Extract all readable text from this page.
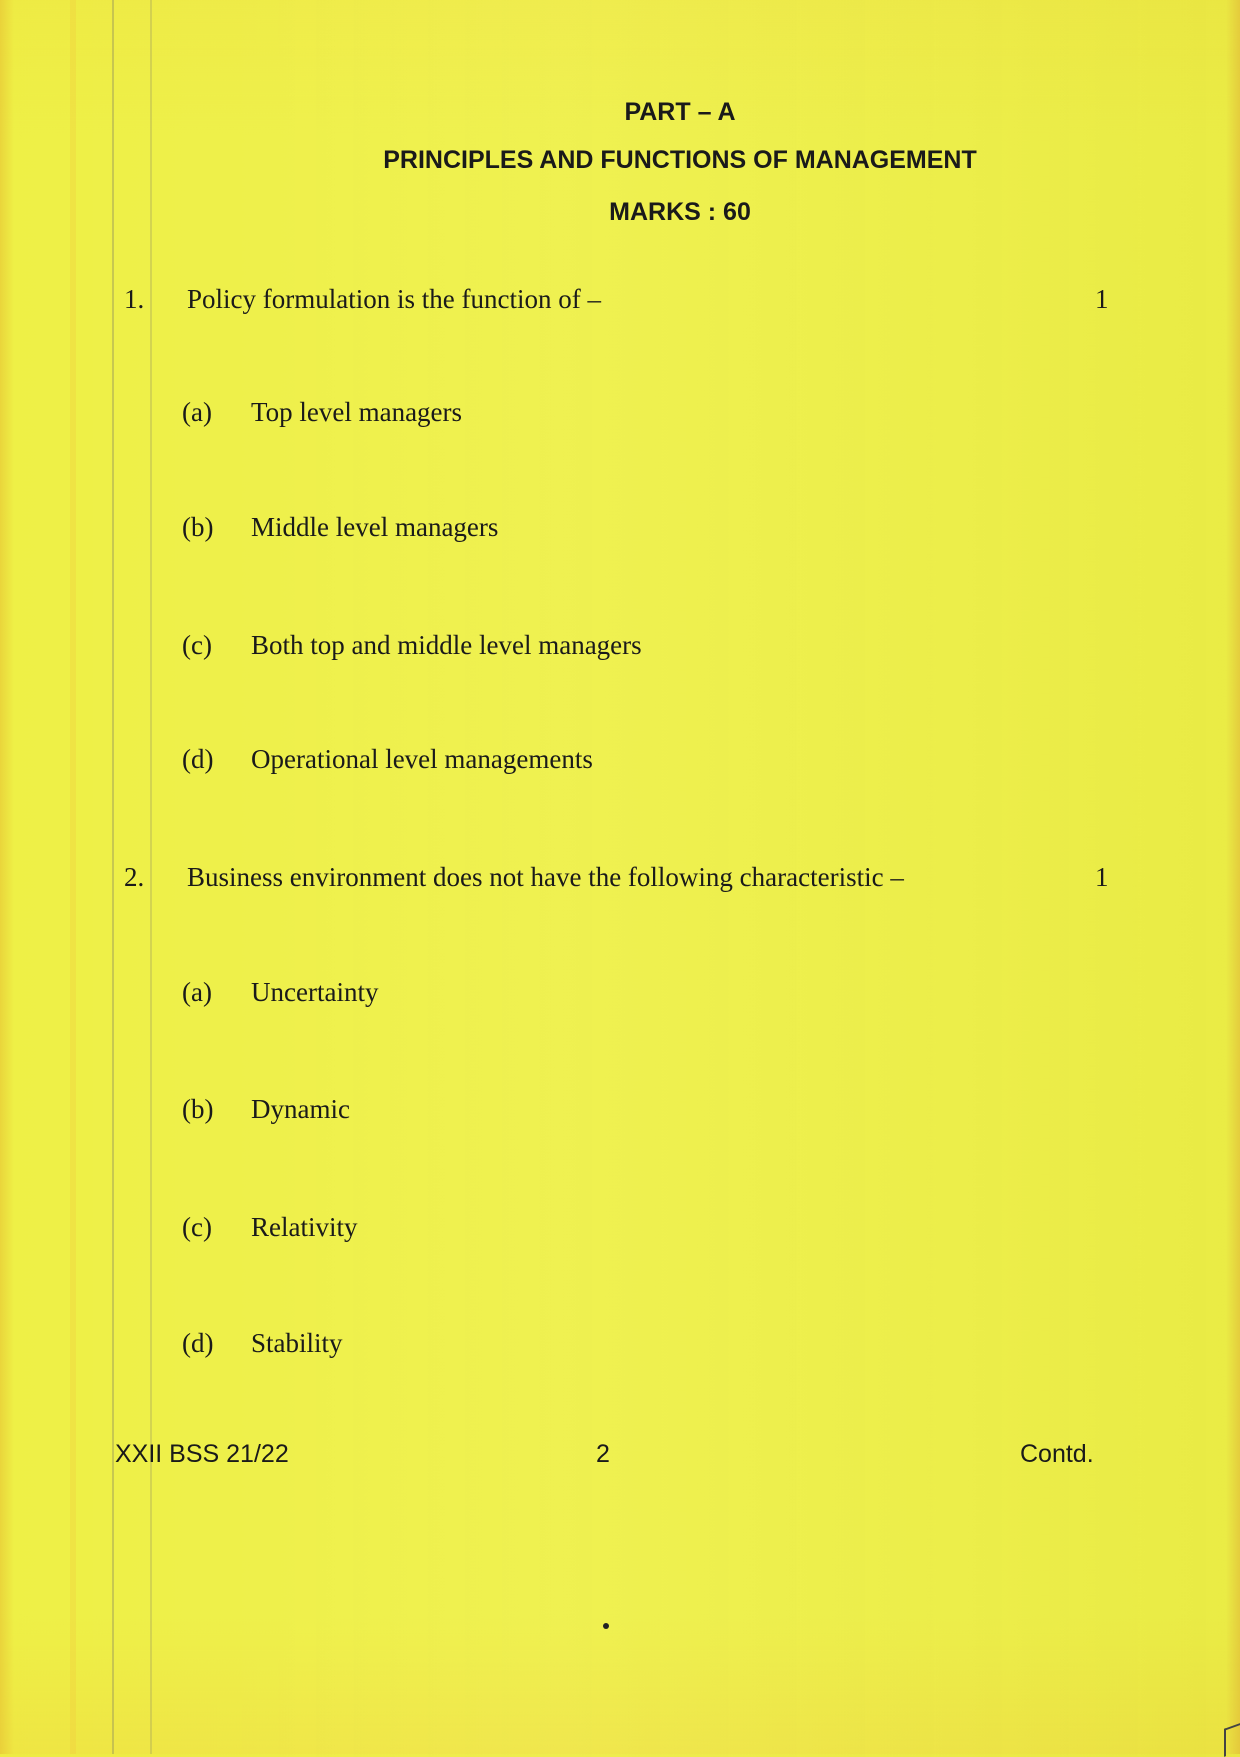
PART – A
PRINCIPLES AND FUNCTIONS OF MANAGEMENT
MARKS : 60
1. Policy formulation is the function of –	1
(a) Top level managers
(b) Middle level managers
(c) Both top and middle level managers
(d) Operational level managements
2. Business environment does not have the following characteristic –	1
(a) Uncertainty
(b) Dynamic
(c) Relativity
(d) Stability
XXII BSS 21/22	2	Contd.
